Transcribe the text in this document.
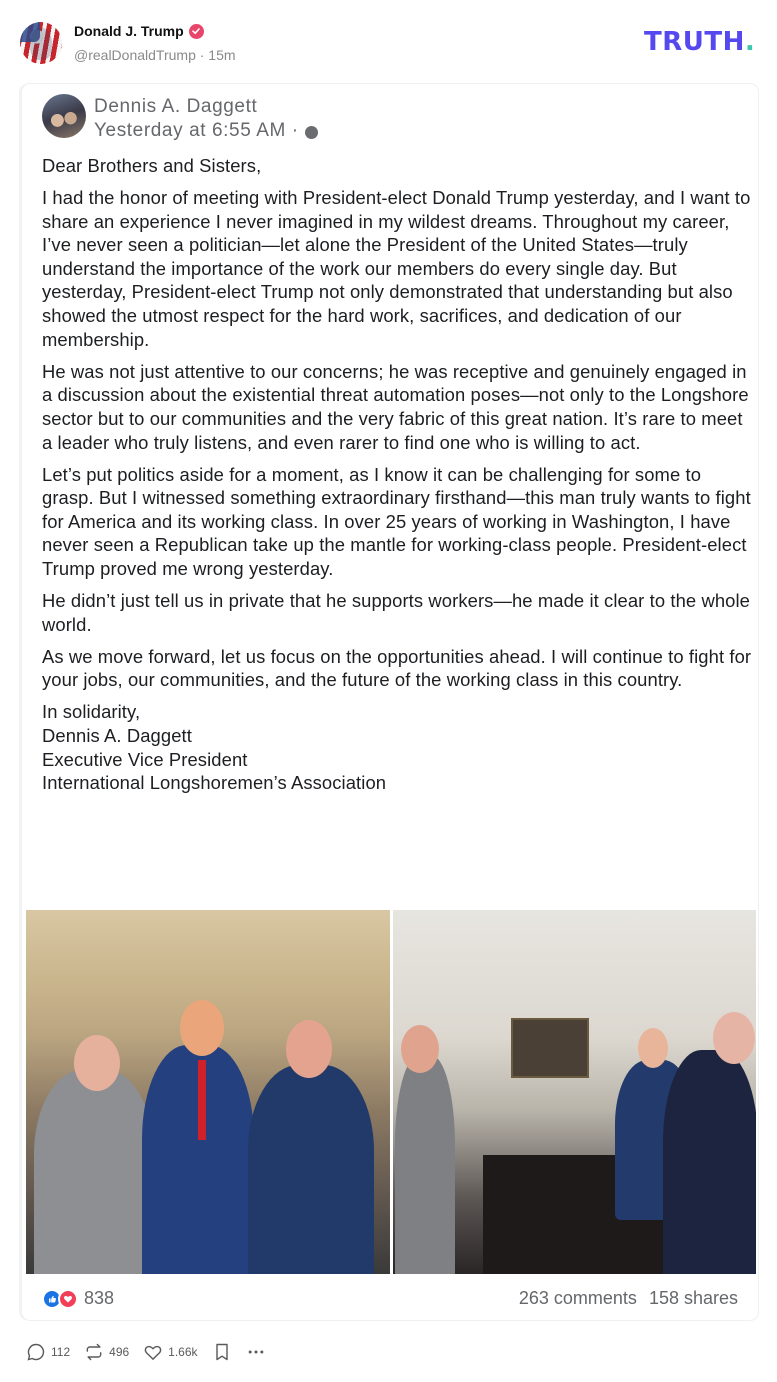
Donald J. Trump
@realDonaldTrump · 15m	TRUTH.
Dennis A. Daggett
Yesterday at 6:55 AM ·

Dear Brothers and Sisters,

I had the honor of meeting with President-elect Donald Trump yesterday, and I want to share an experience I never imagined in my wildest dreams. Throughout my career, I’ve never seen a politician—let alone the President of the United States—truly understand the importance of the work our members do every single day. But yesterday, President-elect Trump not only demonstrated that understanding but also showed the utmost respect for the hard work, sacrifices, and dedication of our membership.

He was not just attentive to our concerns; he was receptive and genuinely engaged in a discussion about the existential threat automation poses—not only to the Longshore sector but to our communities and the very fabric of this great nation. It’s rare to meet a leader who truly listens, and even rarer to find one who is willing to act.

Let’s put politics aside for a moment, as I know it can be challenging for some to grasp. But I witnessed something extraordinary firsthand—this man truly wants to fight for America and its working class. In over 25 years of working in Washington, I have never seen a Republican take up the mantle for working-class people. President-elect Trump proved me wrong yesterday.

He didn’t just tell us in private that he supports workers—he made it clear to the whole world.

As we move forward, let us focus on the opportunities ahead. I will continue to fight for your jobs, our communities, and the future of the working class in this country.

In solidarity,

Dennis A. Daggett

Executive Vice President

International Longshoremen’s Association

838	263 comments 158 shares
112	496	1.66k
